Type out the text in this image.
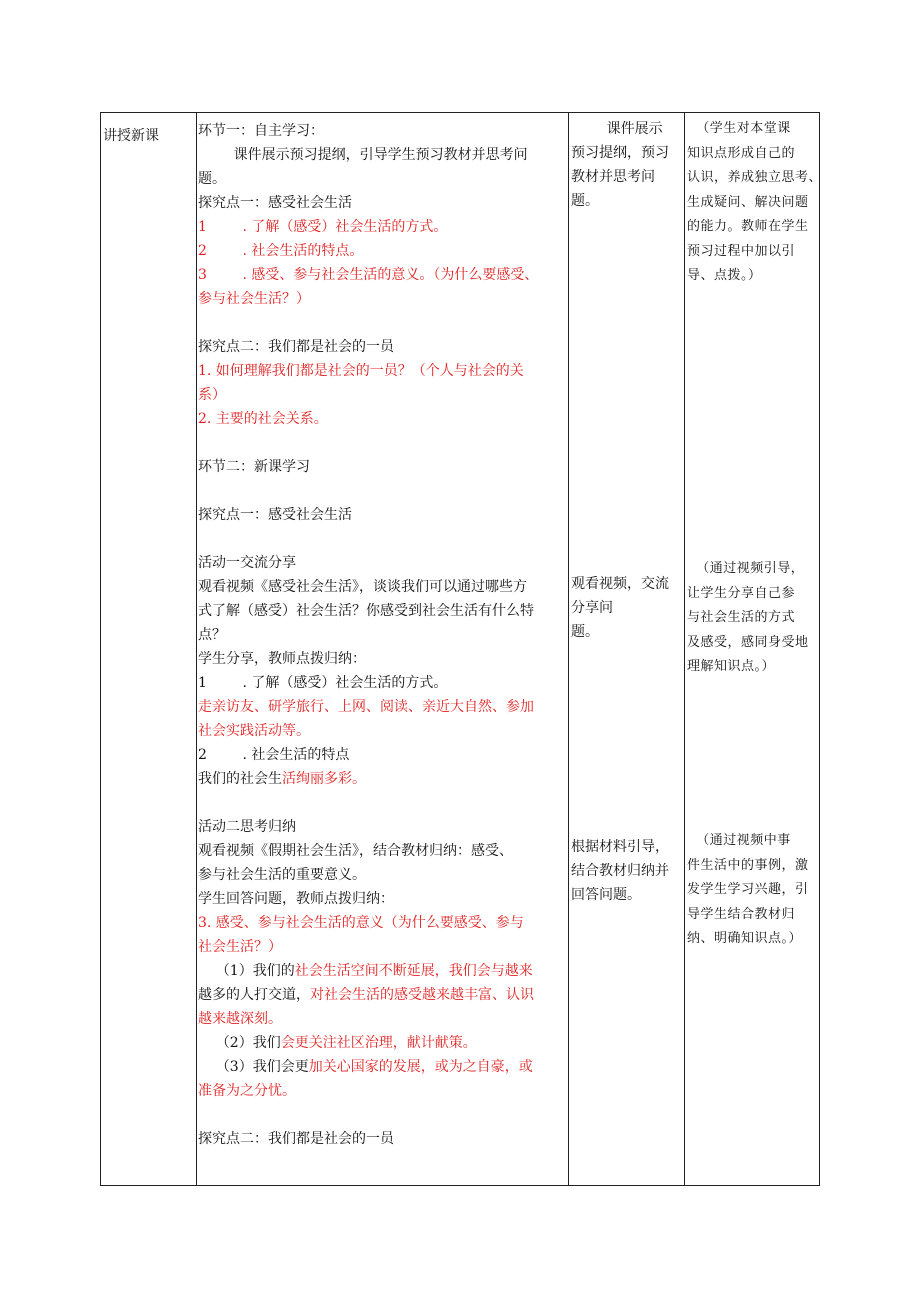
讲授新课	环节一：自主学习：
课件展示预习提纲，引导学生预习教材并思考问
题。
探究点一：感受社会生活
1        . 了解（感受）社会生活的方式。
2        . 社会生活的特点。
3        . 感受、参与社会生活的意义。（为什么要感受、
参与社会生活？）
探究点二：我们都是社会的一员
1. 如何理解我们都是社会的一员？（个人与社会的关
系）
2. 主要的社会关系。
环节二：新课学习
探究点一：感受社会生活
活动一交流分享
观看视频《感受社会生活》，谈谈我们可以通过哪些方
式了解（感受）社会生活？你感受到社会生活有什么特
点？
学生分享，教师点拨归纳：
1        . 了解（感受）社会生活的方式。
走亲访友、研学旅行、上网、阅读、亲近大自然、参加
社会实践活动等。
2        . 社会生活的特点
我们的社会生活绚丽多彩。
活动二思考归纳
观看视频《假期社会生活》，结合教材归纳：感受、
参与社会生活的重要意义。
学生回答问题，教师点拨归纳：
3. 感受、参与社会生活的意义（为什么要感受、参与
社会生活？）
（1）我们的社会生活空间不断延展，我们会与越来
越多的人打交道，对社会生活的感受越来越丰富、认识
越来越深刻。
（2）我们会更关注社区治理，献计献策。
（3）我们会更加关心国家的发展，或为之自豪，或
准备为之分忧。
探究点二：我们都是社会的一员
课件展示
预习提纲，预习
教材并思考问
题。
观看视频，交流
分享问
题。
根据材料引导，
结合教材归纳并
回答问题。
（学生对本堂课
知识点形成自己的
认识，养成独立思考、
生成疑问、解决问题
的能力。教师在学生
预习过程中加以引
导、点拨。）
（通过视频引导，
让学生分享自己参
与社会生活的方式
及感受，感同身受地
理解知识点。）
（通过视频中事
件生活中的事例，激
发学生学习兴趣，引
导学生结合教材归
纳、明确知识点。）
